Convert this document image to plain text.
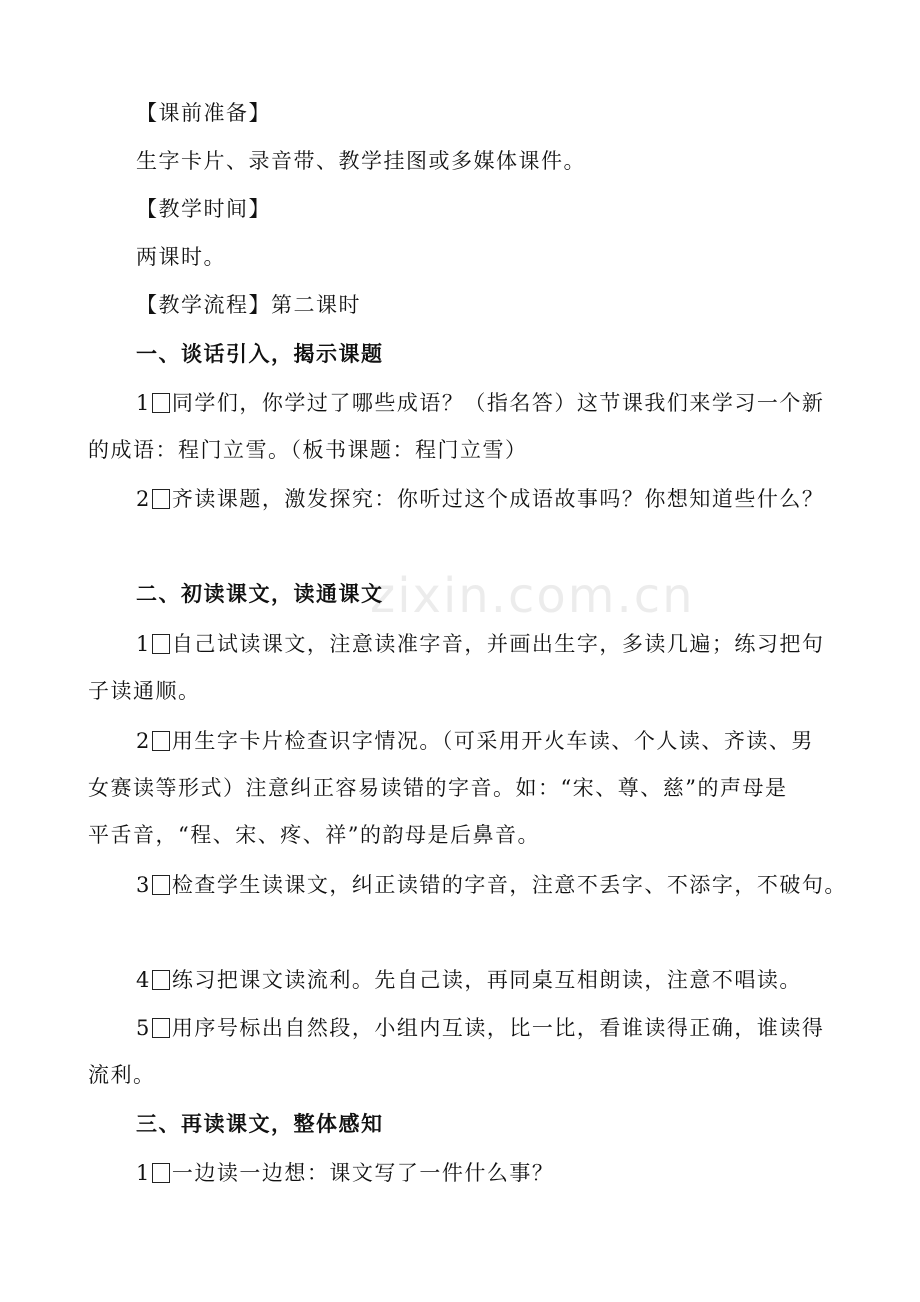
zixin.com.cn
【课前准备】
生字卡片、录音带、教学挂图或多媒体课件。
【教学时间】
两课时。
【教学流程】第二课时
一、谈话引入，揭示课题
1 同学们，你学过了哪些成语？（指名答）这节课我们来学习一个新
的成语：程门立雪。（板书课题：程门立雪）
2 齐读课题，激发探究：你听过这个成语故事吗？你想知道些什么？
二、初读课文，读通课文
1 自己试读课文，注意读准字音，并画出生字，多读几遍；练习把句
子读通顺。
2 用生字卡片检查识字情况。（可采用开火车读、个人读、齐读、男
女赛读等形式）注意纠正容易读错的字音。如：“宋、尊、慈”的声母是
平舌音，“程、宋、疼、祥”的韵母是后鼻音。
3 检查学生读课文，纠正读错的字音，注意不丢字、不添字，不破句。
4 练习把课文读流利。先自己读，再同桌互相朗读，注意不唱读。
5 用序号标出自然段，小组内互读，比一比，看谁读得正确，谁读得
流利。
三、再读课文，整体感知
1 一边读一边想：课文写了一件什么事？
